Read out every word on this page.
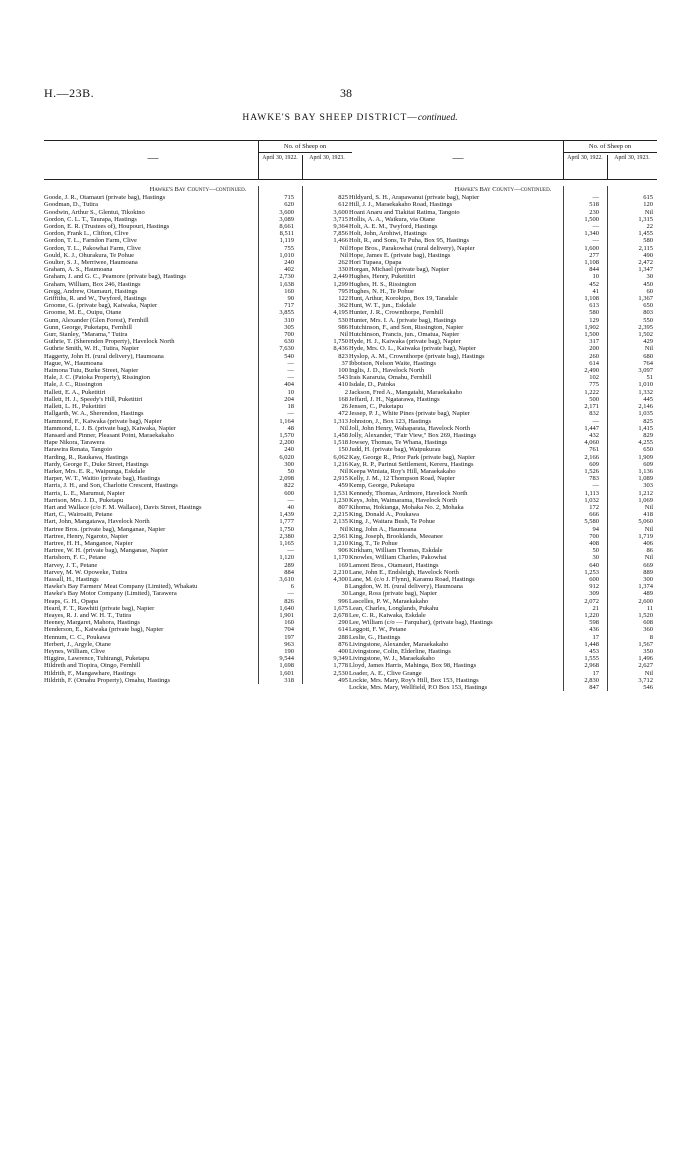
H.—23B.	38
HAWKE'S BAY SHEEP DISTRICT—continued.
—
No. of Sheep on
April 30, 1922.	April 30, 1923.
Hawke's Bay County—continued.
Goode, J. R., Otamauri (private bag), Hastings	715	825
Goodman, D., Tutira	620	612
Goodwin, Arthur S., Glentui, Tikokino	3,600	3,600
Gordon, C. L. T., Taurapa, Hastings	3,089	3,715
Gordon, E. R. (Trustees of), Houpouri, Hastings	8,661	9,364
Gordon, Frank L., Clifton, Clive	8,511	7,856
Gordon, T. L., Farndon Farm, Clive	1,119	1,466
Gordon, T. L., Pakowhai Farm, Clive	755	Nil
Gould, K. J., Ohurakura, Te Pohue	1,010	Nil
Goulter, S. J., Merriwee, Haumoana	240	262
Graham, A. S., Haumoana	402	330
Graham, J. and G. C., Peamore (private bag), Hastings	2,730	2,449
Graham, William, Box 246, Hastings	1,638	1,299
Gregg, Andrew, Otamauri, Hastings	160	795
Griffiths, R. and W., Twyford, Hastings	90	122
Groome, G. (private bag), Kaiwaka, Napier	717	362
Groome, M. E., Ouipu, Otane	3,855	4,195
Gunn, Alexander (Glen Forest), Fernhill	310	530
Gunn, George, Puketapu, Fernhill	305	986
Gurr, Stanley, "Marama," Tutira	700	Nil
Guthrie, T. (Sherenden Property), Havelock North	630	1,750
Guthrie Smith, W. H., Tutira, Napier	7,630	8,436
Haggerty, John H. (rural delivery), Haumoana	540	823
Hague, W., Haumoana	—	37
Haimona Tutu, Burke Street, Napier	—	100
Hale, J. C. (Patoka Property), Rissington	—	543
Hale, J. C., Rissington	404	410
Hallett, E. A., Puketitiri	10	2
Hallett, H. J., Speedy's Hill, Puketitiri	204	168
Hallett, L. H., Puketitiri	18	26
Hallgarth, W. A., Sherendon, Hastings	—	472
Hammond, F., Kaiwaka (private bag), Napier	1,164	1,313
Hammond, L. J. B. (private bag), Kaiwaka, Napier	48	Nil
Hansard and Pinner, Pleasant Point, Maraekakaho	1,570	1,458
Hape Nikora, Tarawera	2,200	1,518
Harawira Renata, Tangoio	240	150
Harding, R., Raukawa, Hastings	6,020	6,062
Hardy, George F., Duke Street, Hastings	300	1,216
Harker, Mrs. E. R., Waipunga, Eskdale	50	Nil
Harper, W. T., Waitio (private bag), Hastings	2,098	2,915
Harris, J. H., and Son, Charlotte Crescent, Hastings	822	459
Harris, L. E., Marumui, Napier	600	1,531
Harrison, Mrs. J. D., Puketapu	—	1,230
Hart and Wallace (c/o F. M. Wallace), Davis Street, Hastings	40	807
Hart, C., Wairoaiti, Petane	1,439	2,215
Hart, John, Mangatawa, Havelock North	1,777	2,135
Hartree Bros. (private bag), Manganae, Napier	1,750	Nil
Hartree, Henry, Ngaroto, Napier	2,380	2,561
Hartree, H. H., Manganoe, Napier	1,165	1,210
Hartree, W. H. (private bag), Manganae, Napier	—	906
Hartshorn, F. C., Petane	1,120	1,170
Harvey, J. T., Petane	289	169
Harvey, M. W. Opoweke, Tutira	884	2,210
Hassall, H., Hastings	3,610	4,300
Hawke's Bay Farmers' Meat Company (Limited), Whakatu	6	8
Hawke's Bay Motor Company (Limited), Tarawera	—	30
Heaps, G. H., Opapa	826	996
Heard, F. T., Rawhiti (private bag), Napier	1,640	1,675
Heayes, R. J. and W. H. T., Tutira	1,901	2,678
Heeney, Margaret, Mahora, Hastings	160	290
Henderson, E., Kaiwaka (private bag), Napier	704	614
Hennum, C. C., Poukawa	197	288
Herbert, J., Argyle, Otane	963	876
Heynes, William, Clive	190	400
Higgins, Lawrence, Tuhirangi, Puketapu	9,544	9,349
Hildreth and Tiopira, Oingo, Fernhill	1,698	1,778
Hildrith, F., Mangawhare, Hastings	1,601	2,530
Hildrith, F. (Omahu Property), Omahu, Hastings	318	495
—
No. of Sheep on
April 30, 1922.	April 30, 1923.
Hawke's Bay County—continued.
Hildyard, S. H., Arapawanui (private bag), Napier	—	615
Hill, J. J., Maraekakaho Road, Hastings	518	120
Hoani Anaru and Tiakitai Ratima, Tangoio	230	Nil
Hollis, A. A., Waikura, via Otane	1,500	1,315
Holt, A. E. M., Twyford, Hastings	—	22
Holt, John, Arohiwi, Hastings	1,340	1,455
Holt, R., and Sons, Te Puha, Box 95, Hastings	—	580
Hope Bros., Parakowhai (rural delivery), Napier	1,600	2,115
Hope, James E. (private bag), Hastings	277	490
Hori Tupaea, Opapa	1,108	2,472
Horgan, Michael (private bag), Napier	844	1,347
Hughes, Henry, Puketitiri	10	30
Hughes, H. S., Rissington	452	450
Hughes, N. H., Te Pohue	41	60
Hunt, Arthur, Korokipo, Box 19, Taradale	1,108	1,367
Hunt, W. T., jun., Eskdale	613	650
Hunter, J. R., Crownthorpe, Fernhill	580	803
Hunter, Mrs. I. A. (private bag), Hastings	129	550
Hutchinson, F., and Son, Rissington, Napier	1,902	2,395
Hutchinson, Francis, jun., Omatua, Napier	1,500	1,502
Hyde, H. J., Kaiwaka (private bag), Napier	317	429
Hyde, Mrs. O. L., Kaiwaka (private bag), Napier	200	Nil
Hyslop, A. M., Crownthorpe (private bag), Hastings	260	680
Ibbotson, Nelson Waite, Hastings	614	764
Inglis, J. D., Havelock North	2,490	3,097
Irais Kararuia, Omahu, Fernhill	102	51
Isdale, D., Patoka	775	1,010
Jackson, Fred A., Mangatahi, Maraekakaho	1,222	1,332
Jeffard, J. H., Ngatarawa, Hastings	500	445
Jensen, C., Puketapu	2,171	2,146
Jessep, P. J., White Pines (private bag), Napier	832	1,035
Johnston, J., Box 123, Hastings	—	825
Joll, John Henry, Wahaparata, Havelock North	1,447	1,415
Jolly, Alexander, "Fair View," Box 269, Hastings	432	829
Jowsey, Thomas, Te Whana, Hastings	4,060	4,255
Judd, H. (private bag), Waipukurau	761	650
Kay, George R., Prior Park (private bag), Napier	2,166	1,909
Kay, R. P., Parinui Settlement, Kereru, Hastings	609	609
Keepa Winiata, Roy's Hill, Maraekakaho	1,526	1,136
Kelly, J. M., 12 Thompson Road, Napier	783	1,089
Kemp, George, Puketapu	—	303
Kennedy, Thomas, Ardmore, Havelock North	1,113	1,212
Keys, John, Waimarama, Havelock North	1,032	1,069
Kihoma, Hokianga, Mohaka No. 2, Mohaka	172	Nil
King, Donald A., Poukawa	666	418
King, J., Waitara Bush, Te Pohue	5,580	5,060
King, John A., Haumoana	94	Nil
King, Joseph, Brooklands, Meeanee	700	1,719
King, T., Te Pohue	408	406
Kirkham, William Thomas, Eskdale	50	86
Knowles, William Charles, Pakowhai	30	Nil
Lamont Bros., Otamauri, Hastings	640	669
Lane, John E., Endsleigh, Havelock North	1,253	889
Lane, M. (c/o J. Flynn), Karamu Road, Hastings	600	300
Langdon, W. H. (rural delivery), Haumoana	912	1,374
Lange, Ross (private bag), Napier	309	489
Lascelles, P. W., Maraekakaho	2,072	2,600
Lean, Charles, Longlands, Pukahu	21	11
Lee, C. R., Kaiwaka, Eskdale	1,220	1,520
Lee, William (c/o — Farquhar), (private bag), Hastings	598	608
Leggott, F. W., Petane	436	360
Leslie, G., Hastings	17	8
Livingstone, Alexander, Maraekakaho	1,448	1,567
Livingstone, Colin, Elderline, Hastings	453	350
Livingstone, W. J., Maraekakaho	1,555	1,496
Lloyd, James Harris, Mahinga, Box 98, Hastings	2,968	2,627
Loader, A. E., Clive Grange	17	Nil
Lockie, Mrs. Mary, Roy's Hill, Box 153, Hastings	2,830	3,712
Lockie, Mrs. Mary, Wellfield, P.O Box 153, Hastings	847	546
